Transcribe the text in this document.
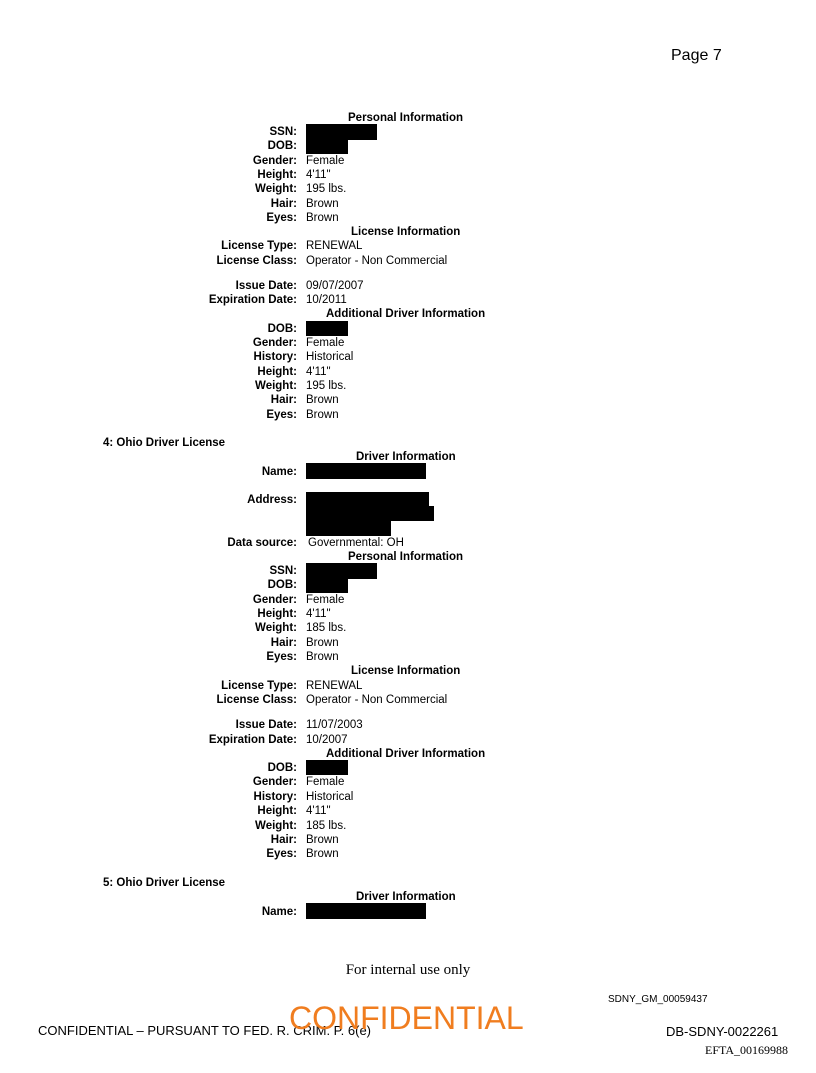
Page 7
Personal Information
SSN:
DOB:
Gender: Female
Height: 4'11"
Weight: 195 lbs.
Hair: Brown
Eyes: Brown
License Information
License Type: RENEWAL
License Class: Operator - Non Commercial
Issue Date: 09/07/2007
Expiration Date: 10/2011
Additional Driver Information
DOB:
Gender: Female
History: Historical
Height: 4'11"
Weight: 195 lbs.
Hair: Brown
Eyes: Brown
4: Ohio Driver License
Driver Information
Name:
Address:
Data source: Governmental: OH
Personal Information
SSN:
DOB:
Gender: Female
Height: 4'11"
Weight: 185 lbs.
Hair: Brown
Eyes: Brown
License Information
License Type: RENEWAL
License Class: Operator - Non Commercial
Issue Date: 11/07/2003
Expiration Date: 10/2007
Additional Driver Information
DOB:
Gender: Female
History: Historical
Height: 4'11"
Weight: 185 lbs.
Hair: Brown
Eyes: Brown
5: Ohio Driver License
Driver Information
Name:
For internal use only
SDNY_GM_00059437
CONFIDENTIAL – PURSUANT TO FED. R. CRIM. P. 6(e)
CONFIDENTIAL	DB-SDNY-0022261
EFTA_00169988
